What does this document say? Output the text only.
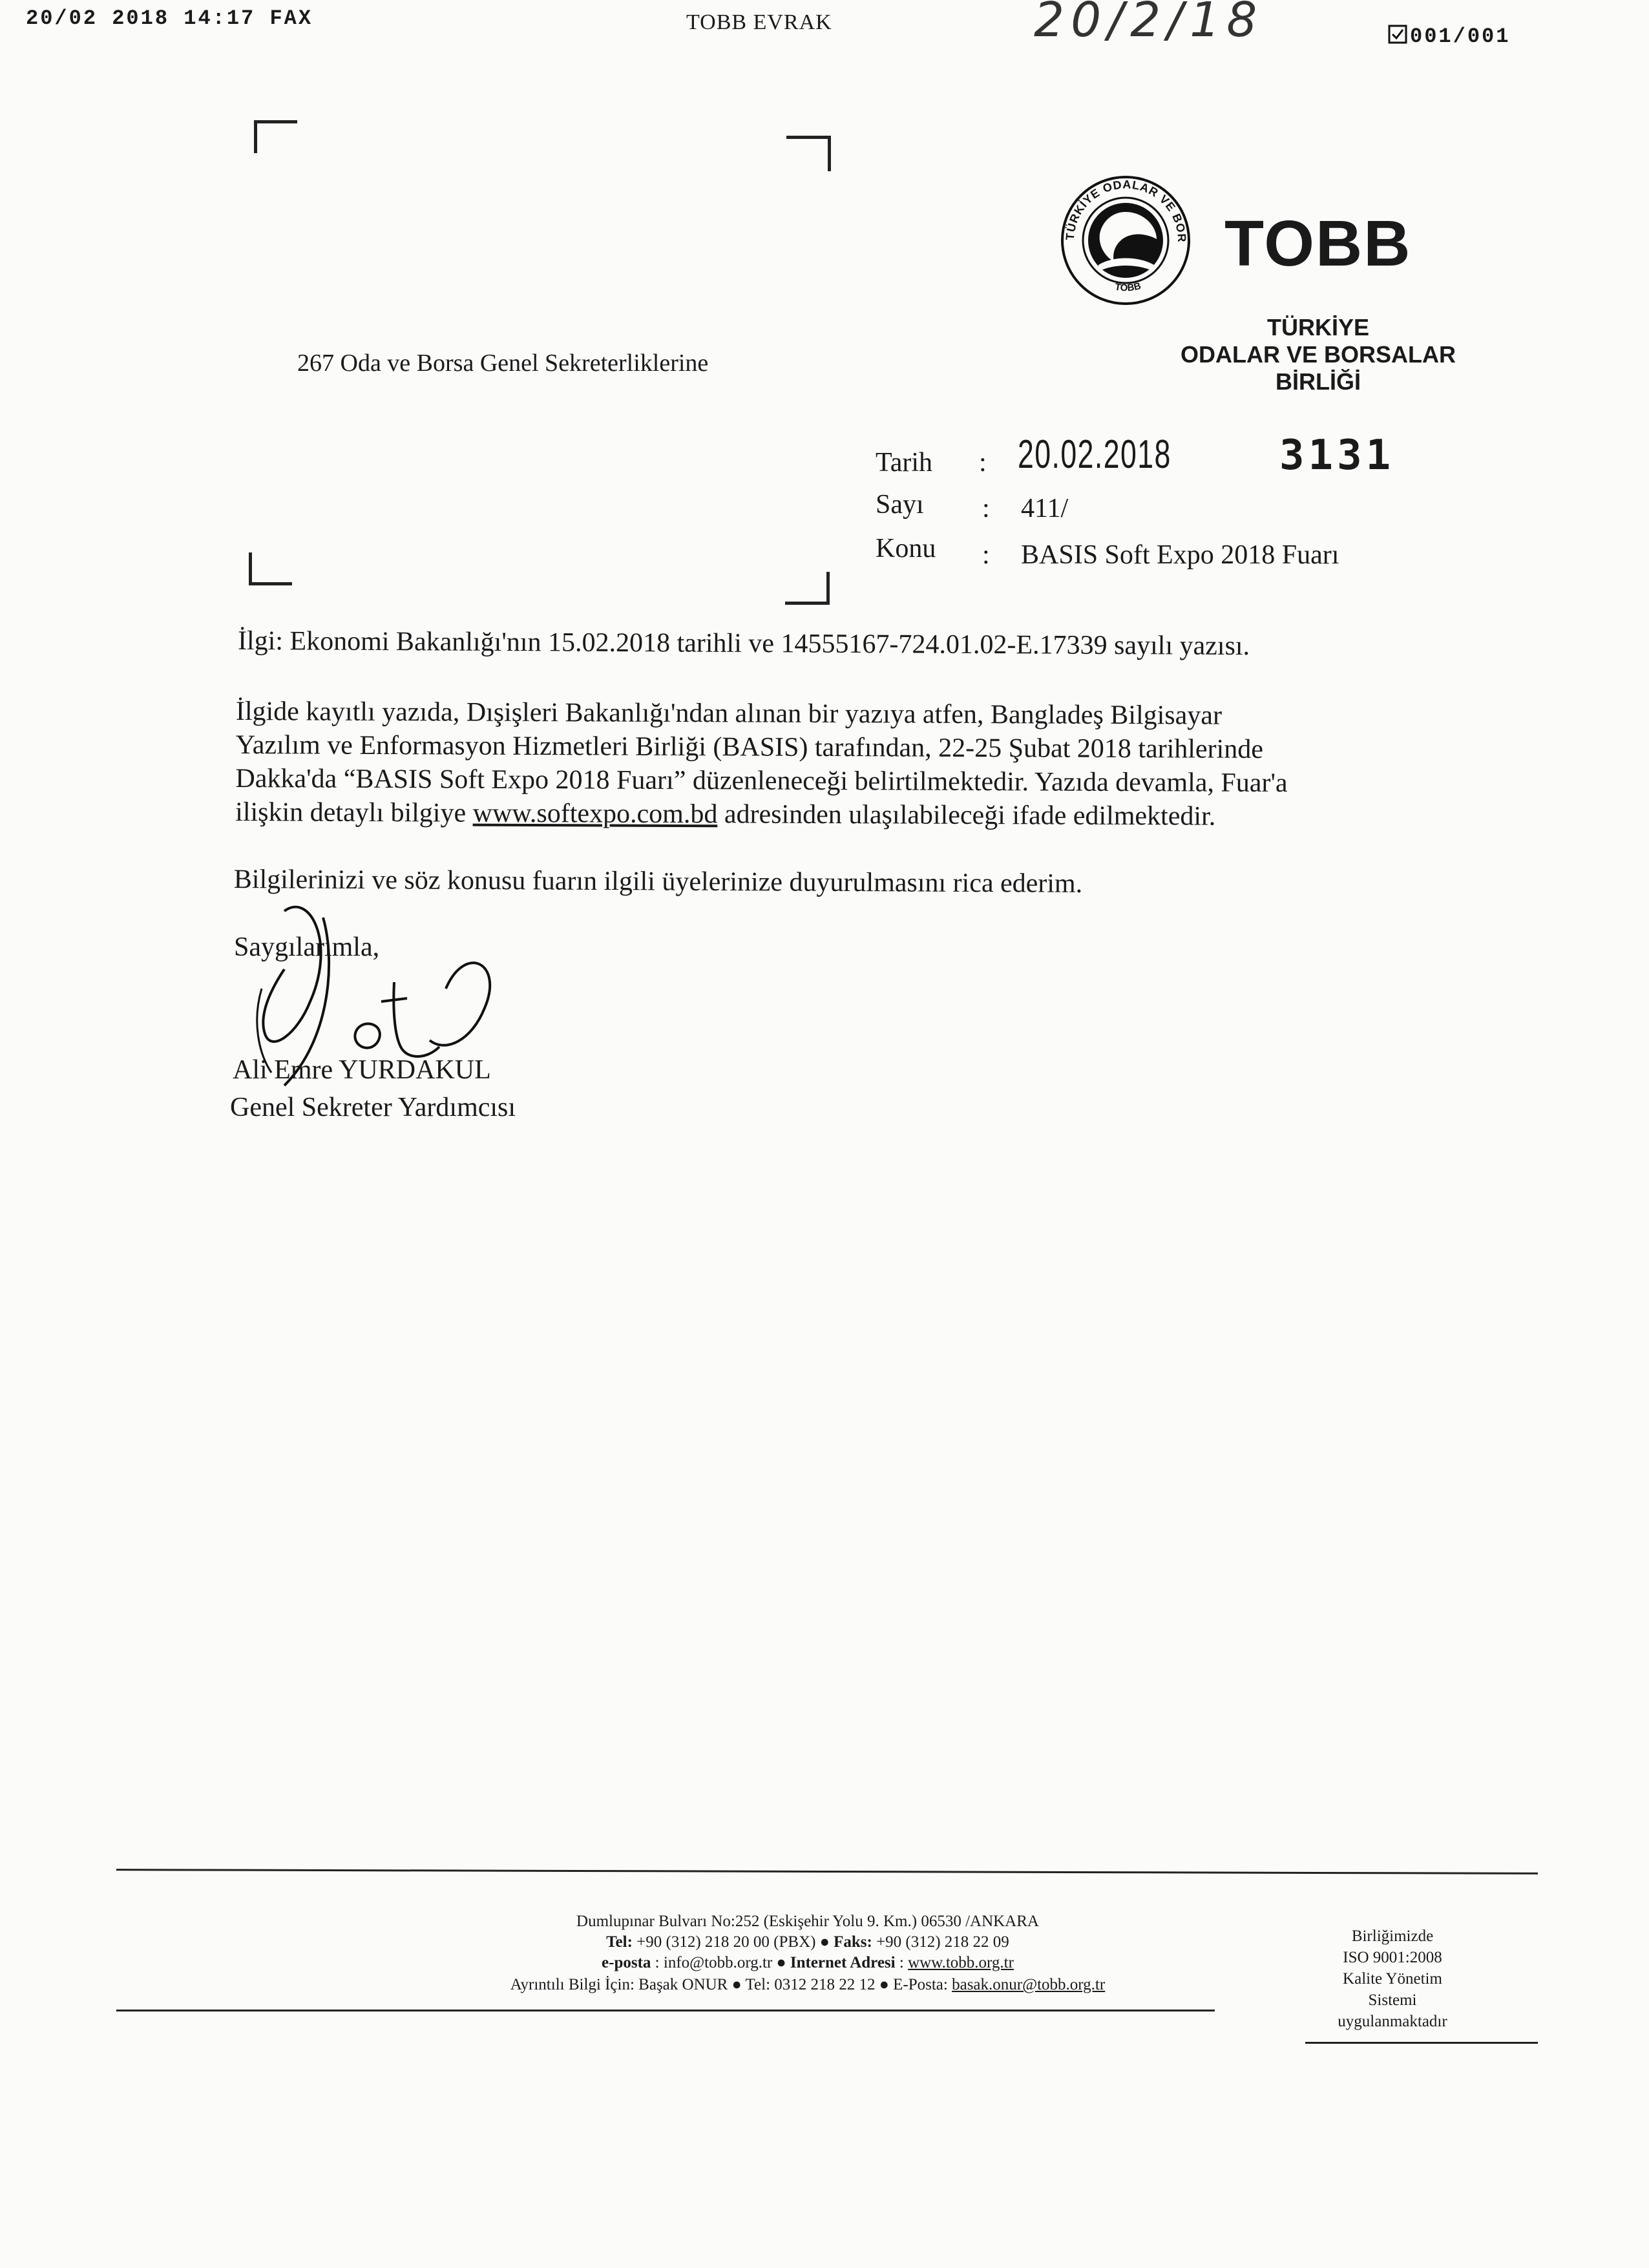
20/02 2018 14:17 FAX	TOBB EVRAK	20/2/18	001/001
TÜRKİYE ODALAR VE BOR
TOBB
TOBB
TÜRKİYE
ODALAR VE BORSALAR
BİRLİĞİ
267 Oda ve Borsa Genel Sekreterliklerine
Tarih : 20.02.2018	3131
Sayı : 411/
Konu : BASIS Soft Expo 2018 Fuarı
İlgi: Ekonomi Bakanlığı'nın 15.02.2018 tarihli ve 14555167-724.01.02-E.17339 sayılı yazısı.
İlgide kayıtlı yazıda, Dışişleri Bakanlığı'ndan alınan bir yazıya atfen, Bangladeş Bilgisayar
Yazılım ve Enformasyon Hizmetleri Birliği (BASIS) tarafından, 22-25 Şubat 2018 tarihlerinde
Dakka'da “BASIS Soft Expo 2018 Fuarı” düzenleneceği belirtilmektedir. Yazıda devamla, Fuar'a
ilişkin detaylı bilgiye www.softexpo.com.bd adresinden ulaşılabileceği ifade edilmektedir.
Bilgilerinizi ve söz konusu fuarın ilgili üyelerinize duyurulmasını rica ederim.
Saygılarımla,
Ali Emre YURDAKUL
Genel Sekreter Yardımcısı
Dumlupınar Bulvarı No:252 (Eskişehir Yolu 9. Km.) 06530 /ANKARA
Tel: +90 (312) 218 20 00 (PBX) ● Faks: +90 (312) 218 22 09
e-posta : info@tobb.org.tr ● Internet Adresi : www.tobb.org.tr
Ayrıntılı Bilgi İçin: Başak ONUR ● Tel: 0312 218 22 12 ● E-Posta: basak.onur@tobb.org.tr
Birliğimizde
ISO 9001:2008
Kalite Yönetim
Sistemi
uygulanmaktadır
